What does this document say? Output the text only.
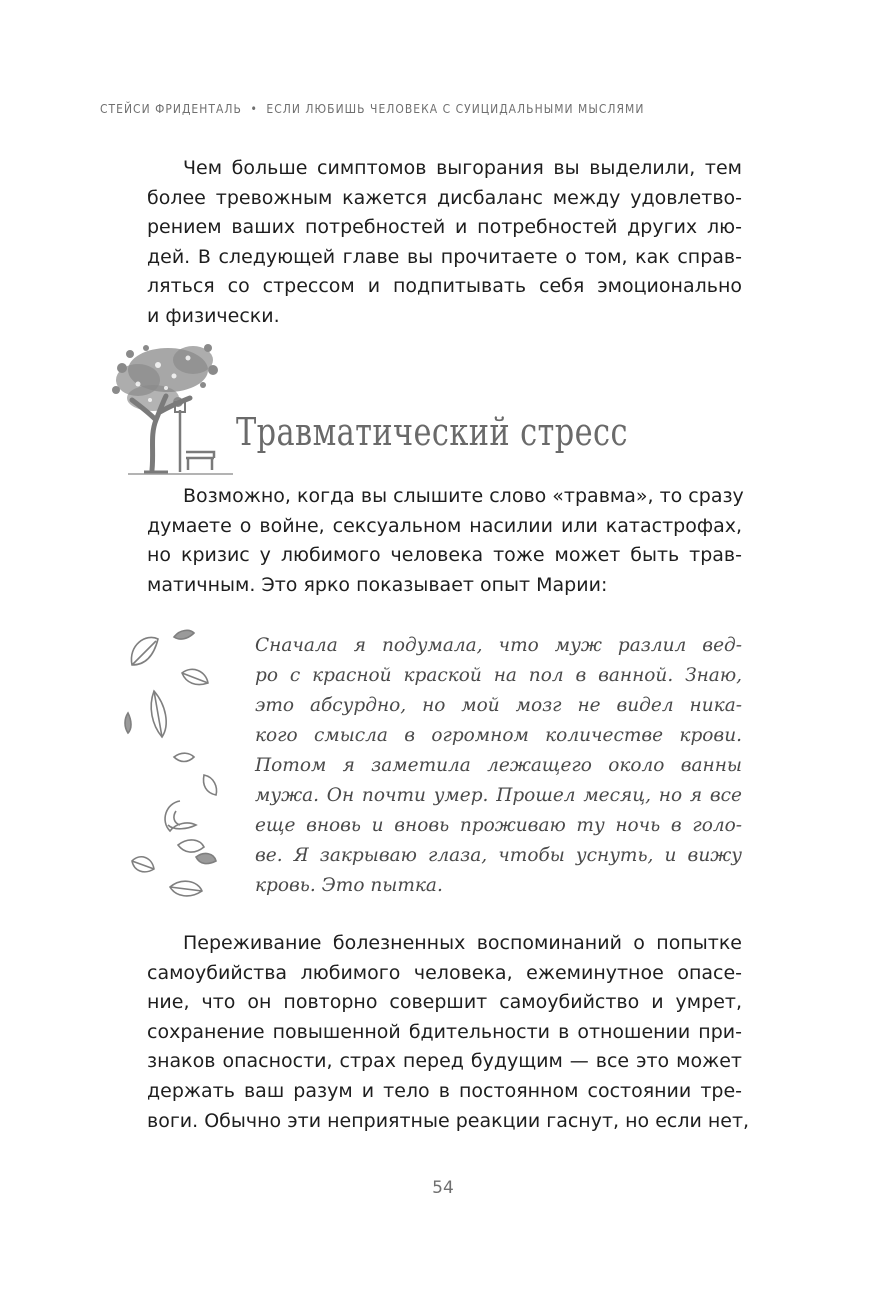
СТЕЙСИ ФРИДЕНТАЛЬ • ЕСЛИ ЛЮБИШЬ ЧЕЛОВЕКА С СУИЦИДАЛЬНЫМИ МЫСЛЯМИ
Чем больше симптомов выгорания вы выделили, тем
более тревожным кажется дисбаланс между удовлетво-
рением ваших потребностей и потребностей других лю-
дей. В следующей главе вы прочитаете о том, как справ-
ляться со стрессом и подпитывать себя эмоционально
и физически.
Травматический стресс
Возможно, когда вы слышите слово «травма», то сразу
думаете о войне, сексуальном насилии или катастрофах,
но кризис у любимого человека тоже может быть трав-
матичным. Это ярко показывает опыт Марии:
Сначала я подумала, что муж разлил вед-
ро с красной краской на пол в ванной. Знаю,
это абсурдно, но мой мозг не видел ника-
кого смысла в огромном количестве крови.
Потом я заметила лежащего около ванны
мужа. Он почти умер. Прошел месяц, но я все
еще вновь и вновь проживаю ту ночь в голо-
ве. Я закрываю глаза, чтобы уснуть, и вижу
кровь. Это пытка.
Переживание болезненных воспоминаний о попытке
самоубийства любимого человека, ежеминутное опасе-
ние, что он повторно совершит самоубийство и умрет,
сохранение повышенной бдительности в отношении при-
знаков опасности, страх перед будущим — все это может
держать ваш разум и тело в постоянном состоянии тре-
воги. Обычно эти неприятные реакции гаснут, но если нет,
54
